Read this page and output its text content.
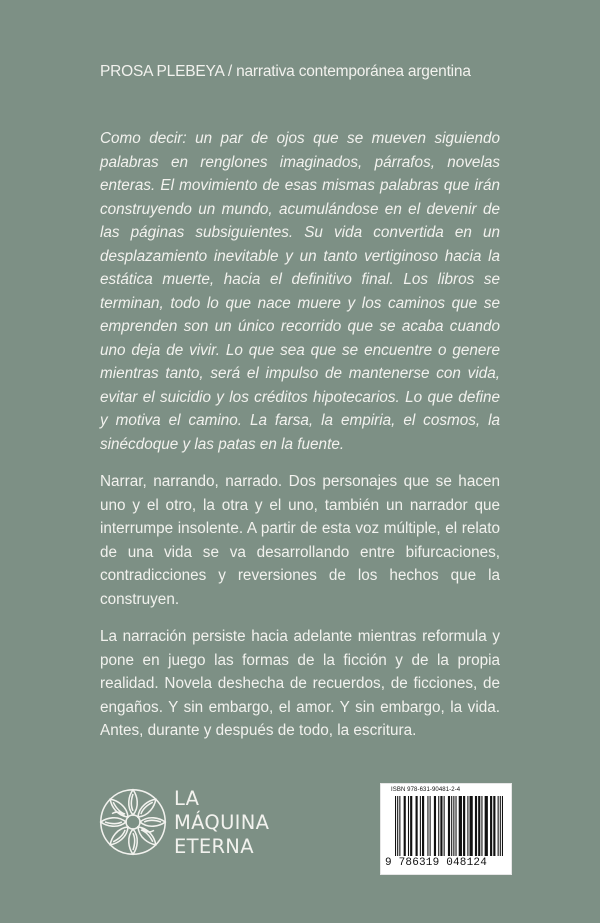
PROSA PLEBEYA / narrativa contemporánea argentina

Como decir: un par de ojos que se mueven siguiendo palabras en renglones imaginados, párrafos, novelas enteras. El movimiento de esas mismas palabras que irán construyendo un mundo, acumulándose en el devenir de las páginas subsiguientes. Su vida convertida en un desplazamiento inevitable y un tanto vertiginoso hacia la estática muerte, hacia el definitivo final. Los libros se terminan, todo lo que nace muere y los caminos que se emprenden son un único recorrido que se acaba cuando uno deja de vivir. Lo que sea que se encuentre o genere mientras tanto, será el impulso de mantenerse con vida, evitar el suicidio y los créditos hipotecarios. Lo que define y motiva el camino. La farsa, la empiria, el cosmos, la sinécdoque y las patas en la fuente.

Narrar, narrando, narrado. Dos personajes que se hacen uno y el otro, la otra y el uno, también un narrador que interrumpe insolente. A partir de esta voz múltiple, el relato de una vida se va desarrollando entre bifurcaciones, contradicciones y reversiones de los hechos que la construyen.

La narración persiste hacia adelante mientras reformula y pone en juego las formas de la ficción y de la propia realidad. Novela deshecha de recuerdos, de ficciones, de engaños. Y sin embargo, el amor. Y sin embargo, la vida. Antes, durante y después de todo, la escritura.

LA
MÁQUINA
ETERNA
ISBN 978-631-90481-2-4
9 786319 048124
